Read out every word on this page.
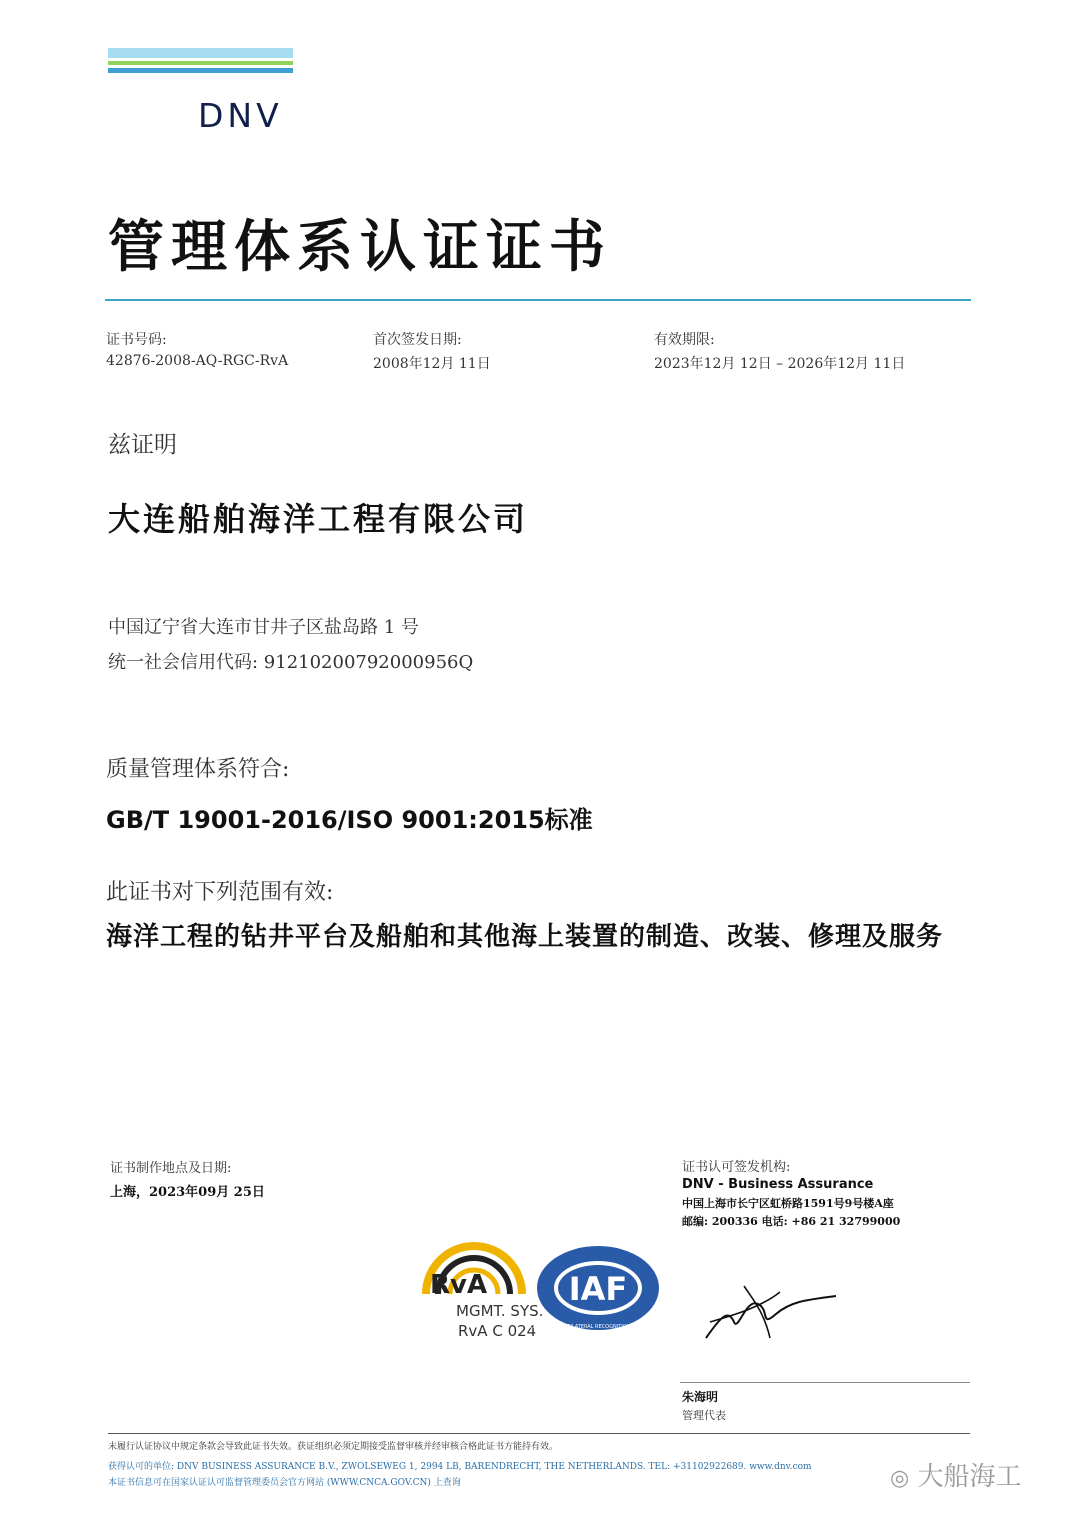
DNV
管理体系认证证书
证书号码:
42876-2008-AQ-RGC-RvA
首次签发日期:
2008年12月 11日
有效期限:
2023年12月 12日 – 2026年12月 11日
兹证明
大连船舶海洋工程有限公司
中国辽宁省大连市甘井子区盐岛路 1 号
统一社会信用代码: 91210200792000956Q
质量管理体系符合:
GB/T 19001-2016/ISO 9001:2015标准
此证书对下列范围有效:
海洋工程的钻井平台及船舶和其他海上装置的制造、改装、修理及服务
证书制作地点及日期:
上海，2023年09月 25日
证书认可签发机构:
DNV - Business Assurance
中国上海市长宁区虹桥路1591号9号楼A座
邮编: 200336 电话: +86 21 32799000
RvA
MGMT. SYS.
RvA C 024
IAF
MEMBER OF MULTILATERAL RECOGNITION ARRANGEMENT
朱海明
管理代表
未履行认证协议中规定条款会导致此证书失效。获证组织必须定期接受监督审核并经审核合格此证书方能持有效。
获得认可的单位: DNV BUSINESS ASSURANCE B.V., ZWOLSEWEG 1, 2994 LB, BARENDRECHT, THE NETHERLANDS. TEL: +31102922689. www.dnv.com
本证书信息可在国家认证认可监督管理委员会官方网站 (WWW.CNCA.GOV.CN) 上查询	◎ 大船海工
